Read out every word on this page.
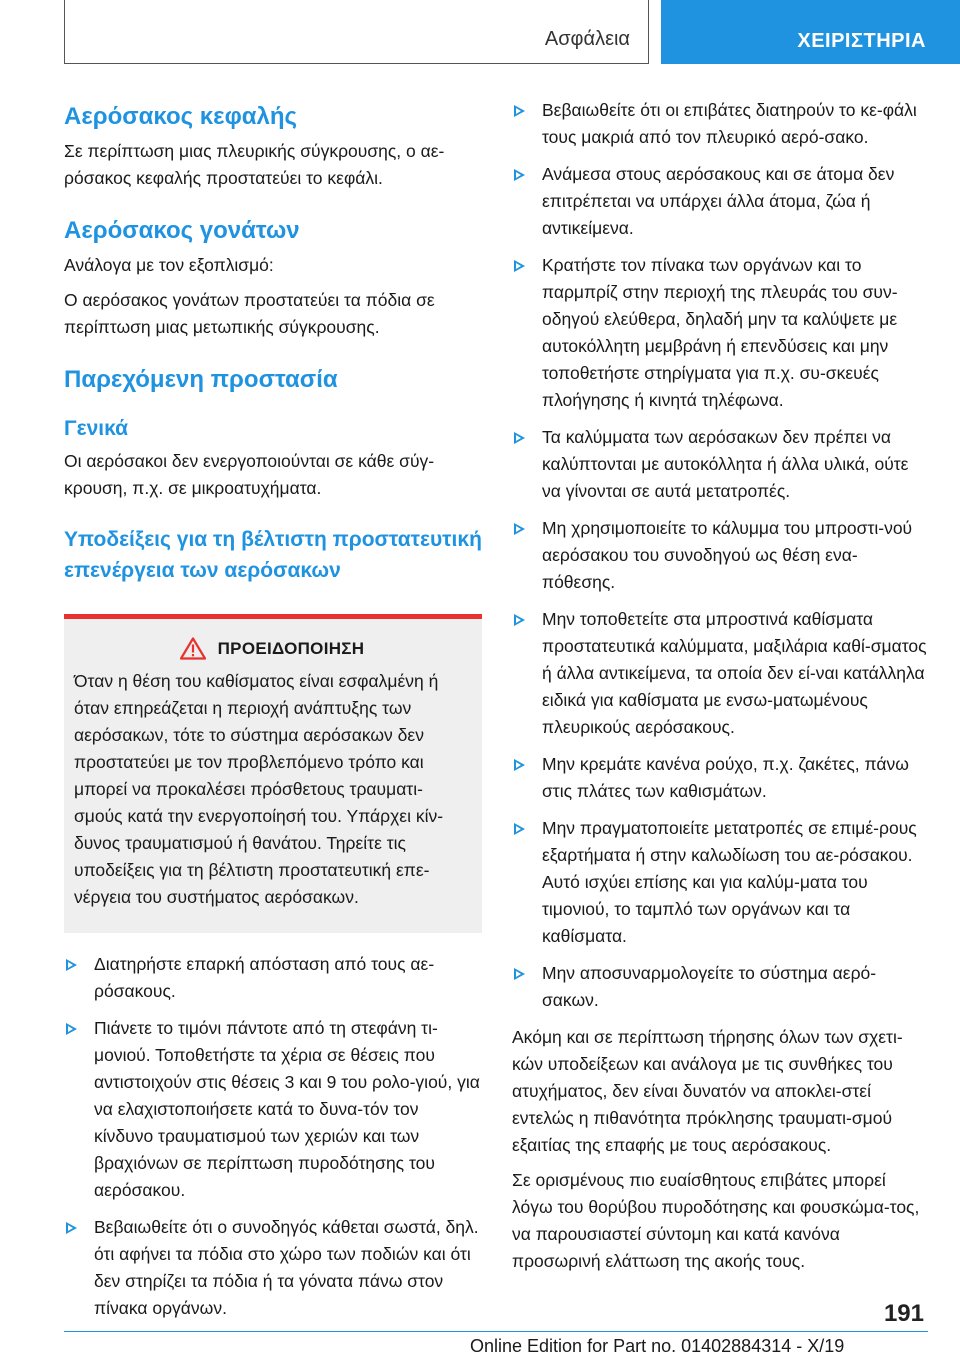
Ασφάλεια	ΧΕΙΡΙΣΤΗΡΙΑ
Αερόσακος κεφαλής

Σε περίπτωση μιας πλευρικής σύγκρουσης, ο αε‐ρόσακος κεφαλής προστατεύει το κεφάλι.

Αερόσακος γονάτων

Ανάλογα με τον εξοπλισμό:

Ο αερόσακος γονάτων προστατεύει τα πόδια σε περίπτωση μιας μετωπικής σύγκρουσης.

Παρεχόμενη προστασία
Γενικά

Οι αερόσακοι δεν ενεργοποιούνται σε κάθε σύγ‐κρουση, π.χ. σε μικροατυχήματα.

Υποδείξεις για τη βέλτιστη προστατευτική επενέργεια των αερόσακων
ΠΡΟΕΙΔΟΠΟΙΗΣΗ

Όταν η θέση του καθίσματος είναι εσφαλμένη ή όταν επηρεάζεται η περιοχή ανάπτυξης των αερόσακων, τότε το σύστημα αερόσακων δεν προστατεύει με τον προβλεπόμενο τρόπο και μπορεί να προκαλέσει πρόσθετους τραυματι‐σμούς κατά την ενεργοποίησή του. Υπάρχει κίν‐δυνος τραυματισμού ή θανάτου. Τηρείτε τις υποδείξεις για τη βέλτιστη προστατευτική επε‐νέργεια του συστήματος αερόσακων.

Διατηρήστε επαρκή απόσταση από τους αε‐ρόσακους.
Πιάνετε το τιμόνι πάντοτε από τη στεφάνη τι‐μονιού. Τοποθετήστε τα χέρια σε θέσεις που αντιστοιχούν στις θέσεις 3 και 9 του ρολο‐γιού, για να ελαχιστοποιήσετε κατά το δυνα‐τόν τον κίνδυνο τραυματισμού των χεριών και των βραχιόνων σε περίπτωση πυροδότησης του αερόσακου.
Βεβαιωθείτε ότι ο συνοδηγός κάθεται σωστά, δηλ. ότι αφήνει τα πόδια στο χώρο των ποδιών και ότι δεν στηρίζει τα πόδια ή τα γόνατα πάνω στον πίνακα οργάνων.
Βεβαιωθείτε ότι οι επιβάτες διατηρούν το κε‐φάλι τους μακριά από τον πλευρικό αερό‐σακο.
Ανάμεσα στους αερόσακους και σε άτομα δεν επιτρέπεται να υπάρχει άλλα άτομα, ζώα ή αντικείμενα.
Κρατήστε τον πίνακα των οργάνων και το παρμπρίζ στην περιοχή της πλευράς του συν‐οδηγού ελεύθερα, δηλαδή μην τα καλύψετε με αυτοκόλλητη μεμβράνη ή επενδύσεις και μην τοποθετήστε στηρίγματα για π.χ. συ‐σκευές πλοήγησης ή κινητά τηλέφωνα.
Τα καλύμματα των αερόσακων δεν πρέπει να καλύπτονται με αυτοκόλλητα ή άλλα υλικά, ούτε να γίνονται σε αυτά μετατροπές.
Μη χρησιμοποιείτε το κάλυμμα του μπροστι‐νού αερόσακου του συνοδηγού ως θέση ενα‐πόθεσης.
Μην τοποθετείτε στα μπροστινά καθίσματα προστατευτικά καλύμματα, μαξιλάρια καθί‐σματος ή άλλα αντικείμενα, τα οποία δεν εί‐ναι κατάλληλα ειδικά για καθίσματα με ενσω‐ματωμένους πλευρικούς αερόσακους.
Μην κρεμάτε κανένα ρούχο, π.χ. ζακέτες, πάνω στις πλάτες των καθισμάτων.
Μην πραγματοποιείτε μετατροπές σε επιμέ‐ρους εξαρτήματα ή στην καλωδίωση του αε‐ρόσακου. Αυτό ισχύει επίσης και για καλύμ‐ματα του τιμονιού, το ταμπλό των οργάνων και τα καθίσματα.
Μην αποσυναρμολογείτε το σύστημα αερό‐σακων.

Ακόμη και σε περίπτωση τήρησης όλων των σχετι‐κών υποδείξεων και ανάλογα με τις συνθήκες του ατυχήματος, δεν είναι δυνατόν να αποκλει‐στεί εντελώς η πιθανότητα πρόκλησης τραυματι‐σμού εξαιτίας της επαφής με τους αερόσακους.

Σε ορισμένους πιο ευαίσθητους επιβάτες μπορεί λόγω του θορύβου πυροδότησης και φουσκώμα‐τος, να παρουσιαστεί σύντομη και κατά κανόνα προσωρινή ελάττωση της ακοής τους.

191
Online Edition for Part no. 01402884314 - X/19
